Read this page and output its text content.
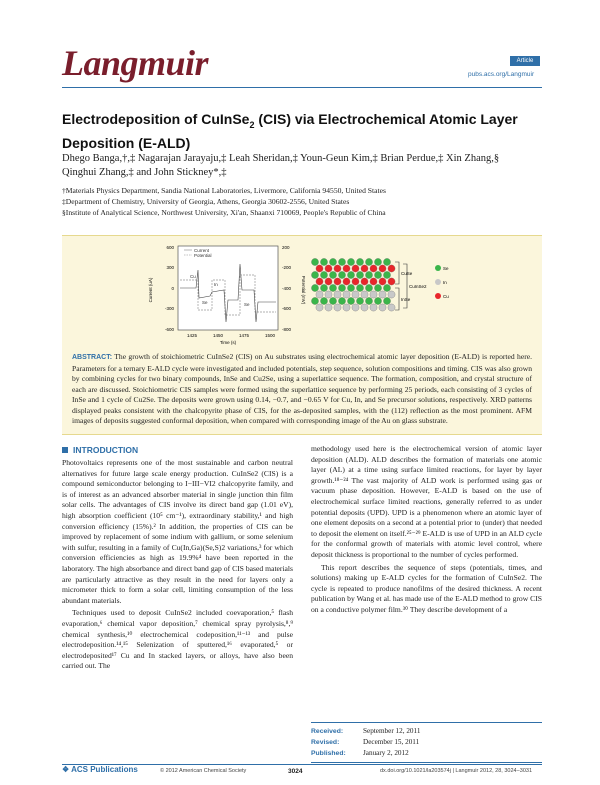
Langmuir	Article
pubs.acs.org/Langmuir
Electrodeposition of CuInSe$_2$ (CIS) via Electrochemical Atomic Layer Deposition (E-ALD)
Dhego Banga,†,‡ Nagarajan Jarayaju,‡ Leah Sheridan,‡ Youn-Geun Kim,‡ Brian Perdue,‡ Xin Zhang,§
Qinghui Zhang,‡ and John Stickney*,‡
†Materials Physics Department, Sandia National Laboratories, Livermore, California 94550, United States
‡Department of Chemistry, University of Georgia, Athens, Georgia 30602-2556, United States
§Institute of Analytical Science, Northwest University, Xi'an, Shaanxi 710069, People's Republic of China
Current
Potential
Cu
In
Se	Se
600
300
0
-300
-600
200
-200
-400
-600
-800
1425	1450	1475	1500
Time (s)
Current (uA)	Potential (mV)
CuSe
InSe
CuInSe2
Se
In
Cu
ABSTRACT: The growth of stoichiometric CuInSe2 (CIS) on Au substrates using electrochemical atomic layer deposition (E-ALD) is reported here. Parameters for a ternary E-ALD cycle were investigated and included potentials, step sequence, solution compositions and timing. CIS was also grown by combining cycles for two binary compounds, InSe and Cu2Se, using a superlattice sequence. The formation, composition, and crystal structure of each are discussed. Stoichiometric CIS samples were formed using the superlattice sequence by performing 25 periods, each consisting of 3 cycles of InSe and 1 cycle of Cu2Se. The deposits were grown using 0.14, −0.7, and −0.65 V for Cu, In, and Se precursor solutions, respectively. XRD patterns displayed peaks consistent with the chalcopyrite phase of CIS, for the as-deposited samples, with the (112) reflection as the most prominent. AFM images of deposits suggested conformal deposition, when compared with corresponding image of the Au on glass substrate.
INTRODUCTION

Photovoltaics represents one of the most sustainable and carbon neutral alternatives for future large scale energy production. CuInSe2 (CIS) is a compound semiconductor belonging to I−III−VI2 chalcopyrite family, and is of interest as an advanced absorber material in single junction thin film solar cells. The advantages of CIS involve its direct band gap (1.01 eV), high absorption coefficient (10⁵ cm⁻¹), extraordinary stability,¹ and high conversion efficiency (15%).² In addition, the properties of CIS can be improved by replacement of some indium with gallium, or some selenium with sulfur, resulting in a family of Cu(In,Ga)(Se,S)2 variations,³ for which conversion efficiencies as high as 19.9%⁴ have been reported in the laboratory. The high absorbance and direct band gap of CIS based materials are particularly attractive as they result in the need for layers only a micrometer thick to form a solar cell, limiting consumption of the less abundant materials.

Techniques used to deposit CuInSe2 included coevaporation,⁵ flash evaporation,⁶ chemical vapor deposition,⁷ chemical spray pyrolysis,⁸,⁹ chemical synthesis,¹⁰ electrochemical codeposition,¹¹⁻¹³ and pulse electrodeposition.¹⁴,¹⁵ Selenization of sputtered,¹⁶ evaporated,⁵ or electrodeposited¹⁷ Cu and In stacked layers, or alloys, have also been carried out. The

methodology used here is the electrochemical version of atomic layer deposition (ALD). ALD describes the formation of materials one atomic layer (AL) at a time using surface limited reactions, for layer by layer growth.¹⁸⁻²⁴ The vast majority of ALD work is performed using gas or vacuum phase deposition. However, E-ALD is based on the use of electrochemical surface limited reactions, generally referred to as under potential deposits (UPD). UPD is a phenomenon where an atomic layer of one element deposits on a second at a potential prior to (under) that needed to deposit the element on itself.²⁵⁻²⁹ E-ALD is use of UPD in an ALD cycle for the conformal growth of materials with atomic level control, where deposit thickness is proportional to the number of cycles performed.

This report describes the sequence of steps (potentials, times, and solutions) making up E-ALD cycles for the formation of CuInSe2. The cycle is repeated to produce nanofilms of the desired thickness. A recent publication by Wang et al. has made use of the E-ALD method to grow CIS on a conductive polymer film.³⁰ They describe development of a

Received:	September 12, 2011
Revised:	December 15, 2011
Published: January 2, 2012
❖ ACS Publications	© 2012 American Chemical Society	3024	dx.doi.org/10.1021/la203574j | Langmuir 2012, 28, 3024−3031
